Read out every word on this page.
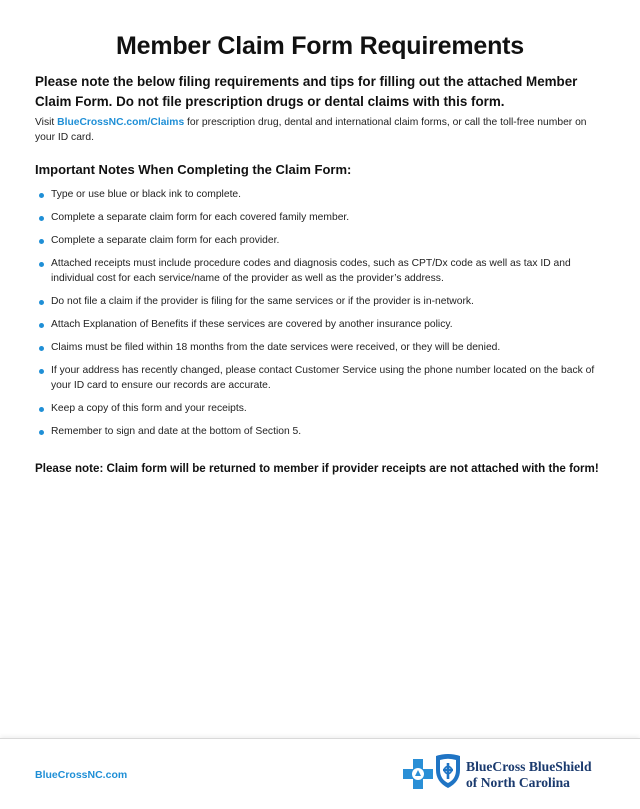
Member Claim Form Requirements
Please note the below filing requirements and tips for filling out the attached Member Claim Form. Do not file prescription drugs or dental claims with this form.
Visit BlueCrossNC.com/Claims for prescription drug, dental and international claim forms, or call the toll-free number on your ID card.
Important Notes When Completing the Claim Form:
Type or use blue or black ink to complete.
Complete a separate claim form for each covered family member.
Complete a separate claim form for each provider.
Attached receipts must include procedure codes and diagnosis codes, such as CPT/Dx code as well as tax ID and individual cost for each service/name of the provider as well as the provider’s address.
Do not file a claim if the provider is filing for the same services or if the provider is in-network.
Attach Explanation of Benefits if these services are covered by another insurance policy.
Claims must be filed within 18 months from the date services were received, or they will be denied.
If your address has recently changed, please contact Customer Service using the phone number located on the back of your ID card to ensure our records are accurate.
Keep a copy of this form and your receipts.
Remember to sign and date at the bottom of Section 5.
Please note: Claim form will be returned to member if provider receipts are not attached with the form!
BlueCrossNC.com
BlueCross BlueShield
of North Carolina
